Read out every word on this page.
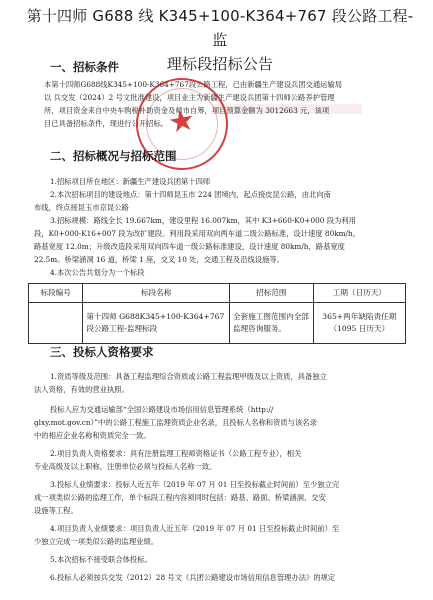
第十四师 G688 线 K345+100-K364+767 段公路工程-监
理标段招标公告
一、招标条件
本第十四师G688线K345+100-K364+767段公路工程，已由新疆生产建设兵团交通运输局
以 兵交发（2024）2 号文批准建设，项目业主为新疆生产建设兵团第十四师公路养护管理
所，项目资金来自中央车购税补助资金及师市自筹，项目预算金额为 3012663 元，该项
目已具备招标条件，现进行公开招标。
★
二、招标概况与招标范围
1.招标项目所在地区：新疆生产建设兵团第十四师
2.本次招标项目的建设地点：第十四师昆玉市 224 团境内，起点接皮昆公路，由北向南
布线，终点接昆玉市京昆公路
3.招标规模：路线全长 19.667km，建设里程 16.007km，其中 K3+660-K0+000 段为利用
段，K0+000-K16+007 段为改扩建段。利用段采用双向两车道二级公路标准，设计速度 80km/h，
路基宽度 12.0m；升级改造段采用双向四车道一级公路标准建设，设计速度 80km/h，路基宽度
22.5m。桥梁涵洞 16 道，桥梁 1 座，交叉 10 处，交通工程及沿线设施等。
4.本次公告共划分为一个标段
标段编号	标段名称	招标范围	工期（日历天）
	第十四师 G688K345+100-K364+767 段公路工程-监理标段	全套施工图范围内全部监理咨询服务。	365+两年缺陷责任期（1095 日历天）
三、投标人资格要求
1.资质等级及范围：具备工程监理综合资质或公路工程监理甲级及以上资质，具备独立
法人资格，有效的营业执照。
投标人应为交通运输部“全国公路建设市场信用信息管理系统（http://
glxy.mot.gov.cn）”中的公路工程施工监理资质企业名录，且投标人名称和资质与该名录
中的相应企业名称和资质完全一致。
2.项目负责人资格要求：具有注册监理工程师资格证书（公路工程专业），相关
专业高级及以上职称，注册单位必须与投标人名称一致。
3.投标人业绩要求：投标人近五年（2019 年 07 月 01 日至投标截止时间前）至少独立完
成一项类似公路的监理工作，单个标段工程内容须同时包括：路基、路面、桥梁涵洞、交安
设施等工程。
4.项目负责人业绩要求：项目负责人近五年（2019 年 07 月 01 日至投标截止时间前）至
少独立完成一项类似公路的监理业绩。
5.本次招标不接受联合体投标。
6.投标人必须按兵交发（2012）28 号文《兵团公路建设市场信用信息管理办法》的规定
